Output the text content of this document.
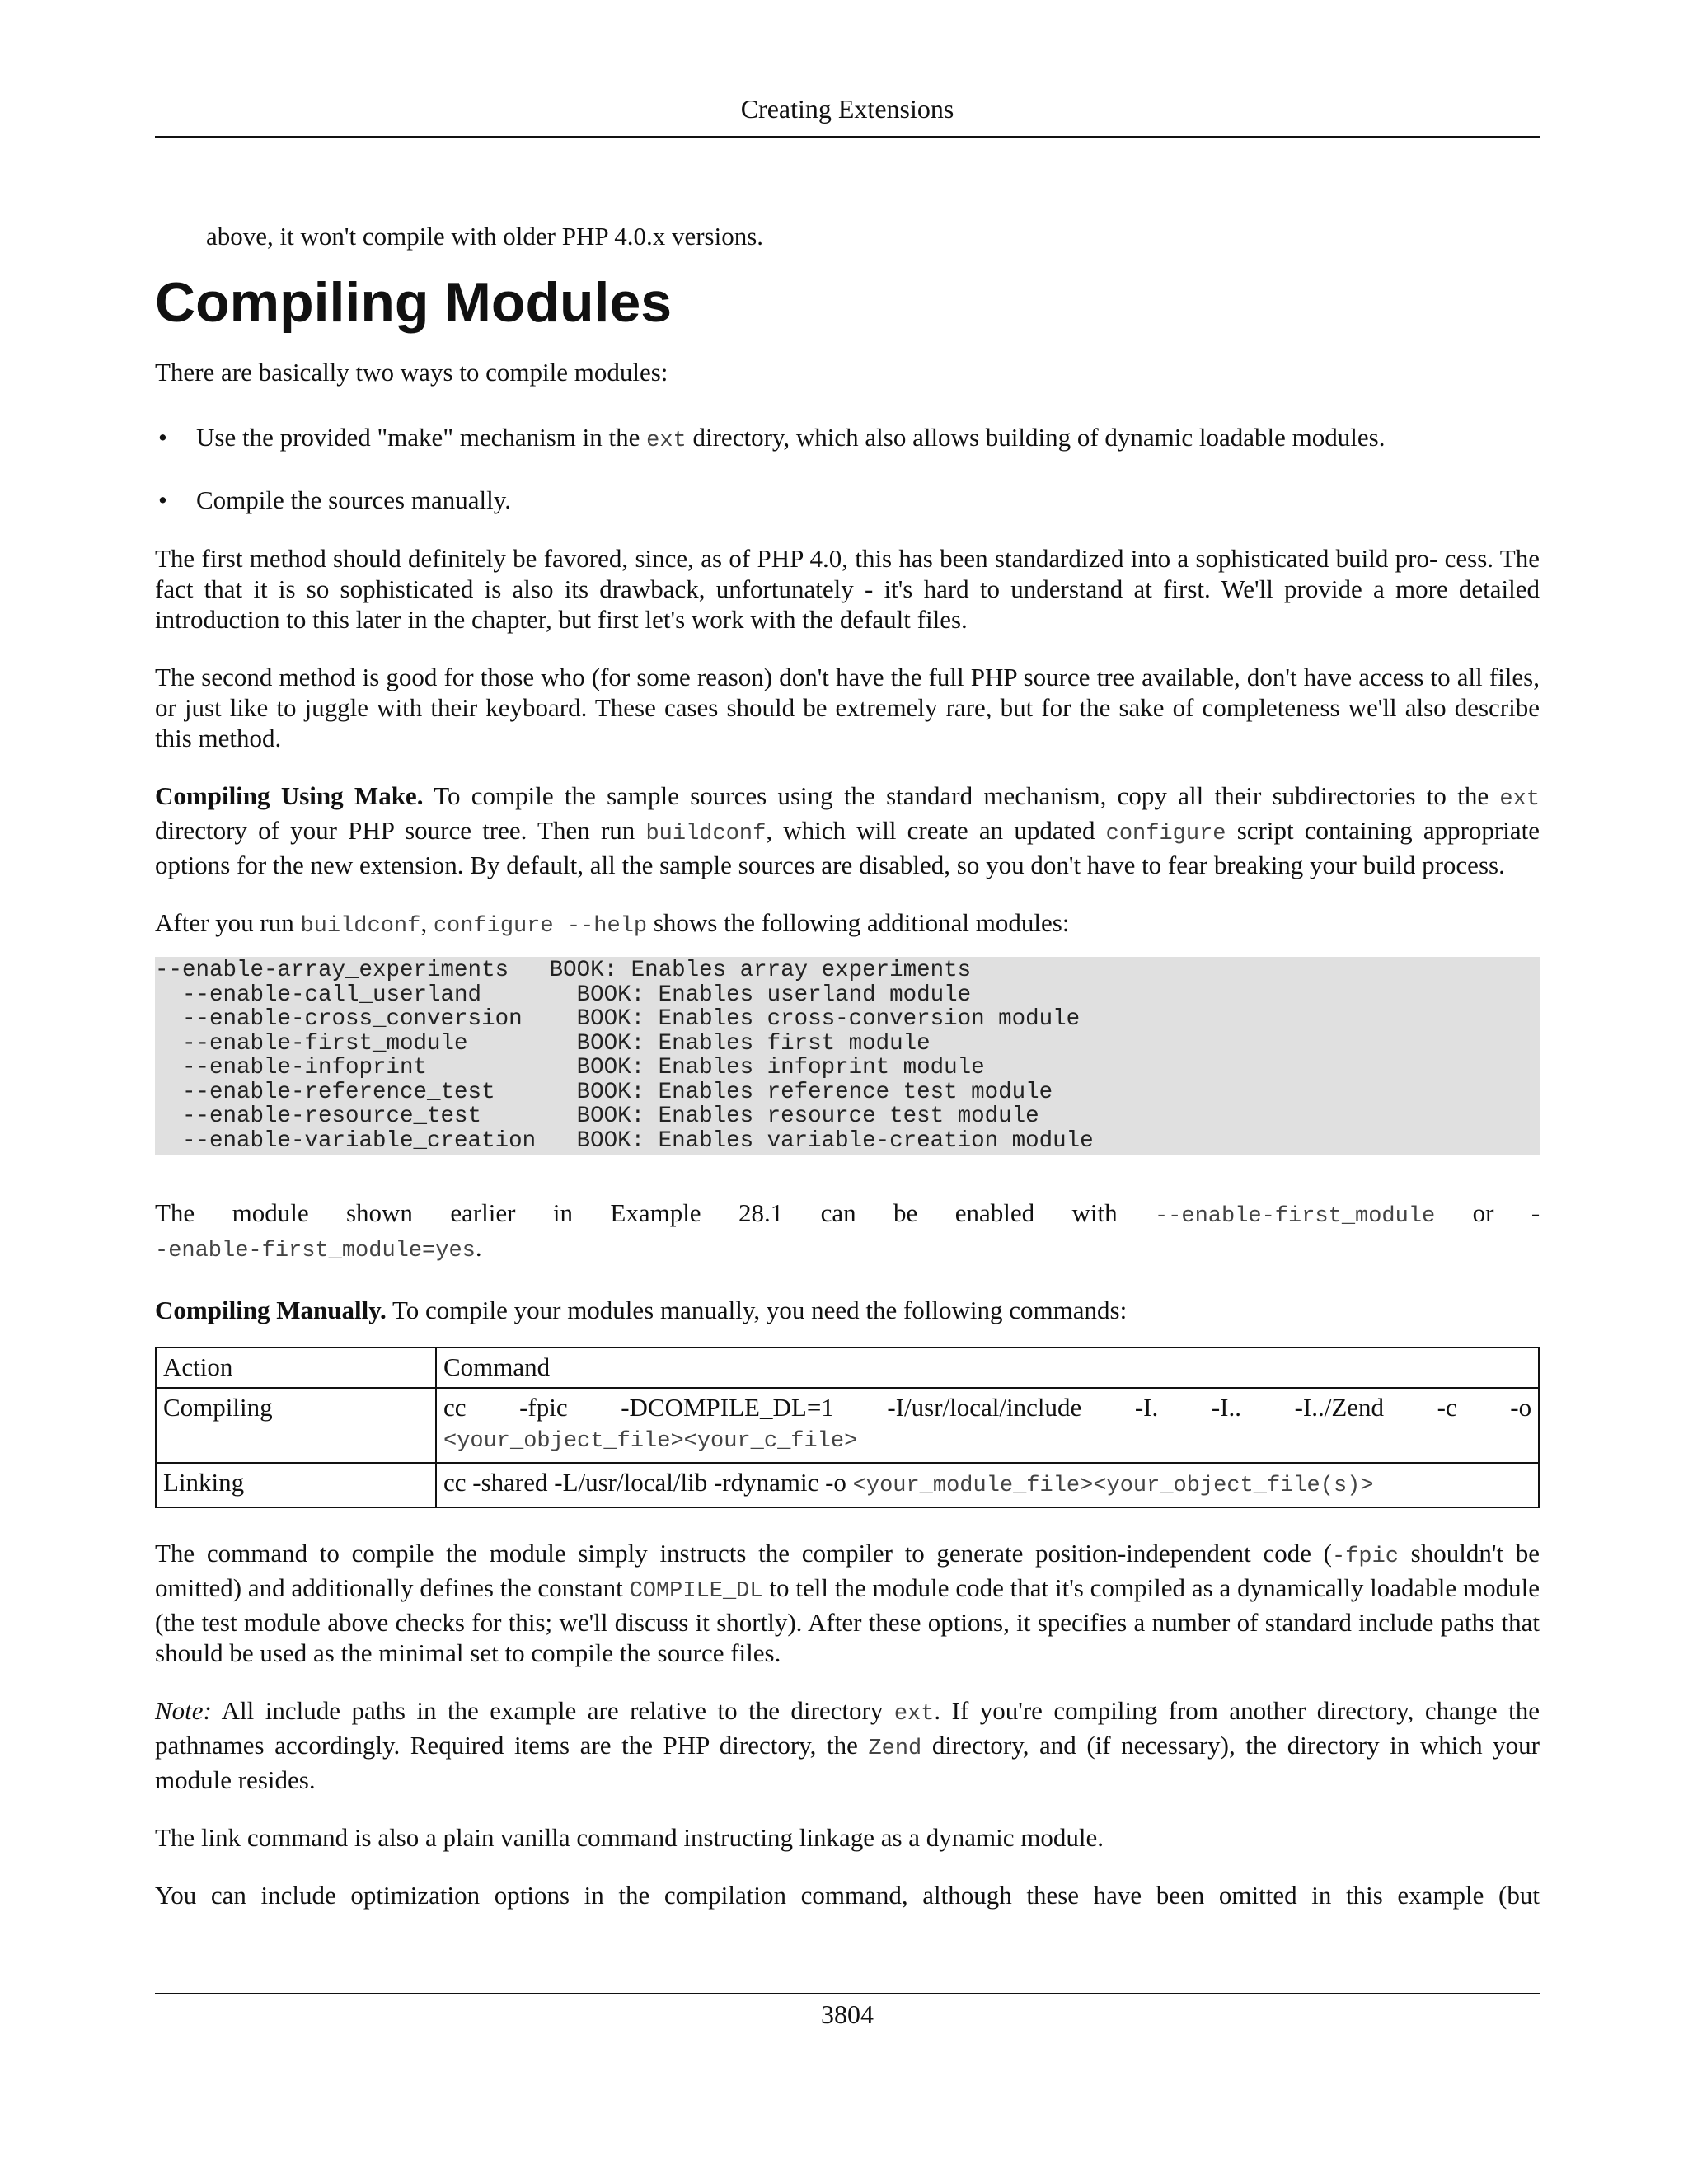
Creating Extensions

above, it won't compile with older PHP 4.0.x versions.

Compiling Modules

There are basically two ways to compile modules:

• Use the provided "make" mechanism in the ext directory, which also allows building of dynamic loadable modules.
• Compile the sources manually.

The first method should definitely be favored, since, as of PHP 4.0, this has been standardized into a sophisticated build pro- cess. The fact that it is so sophisticated is also its drawback, unfortunately - it's hard to understand at first. We'll provide a more detailed introduction to this later in the chapter, but first let's work with the default files.

The second method is good for those who (for some reason) don't have the full PHP source tree available, don't have access to all files, or just like to juggle with their keyboard. These cases should be extremely rare, but for the sake of completeness we'll also describe this method.

Compiling Using Make. To compile the sample sources using the standard mechanism, copy all their subdirectories to the ext directory of your PHP source tree. Then run buildconf, which will create an updated configure script containing appropriate options for the new extension. By default, all the sample sources are disabled, so you don't have to fear breaking your build process.

After you run buildconf, configure --help shows the following additional modules:

--enable-array_experiments   BOOK: Enables array experiments
--enable-call_userland       BOOK: Enables userland module
--enable-cross_conversion    BOOK: Enables cross-conversion module
--enable-first_module        BOOK: Enables first module
--enable-infoprint           BOOK: Enables infoprint module
--enable-reference_test      BOOK: Enables reference test module
--enable-resource_test       BOOK: Enables resource test module
--enable-variable_creation   BOOK: Enables variable-creation module

The module shown earlier in Example 28.1 can be enabled with --enable-first_module or -
-enable-first_module=yes.

Compiling Manually. To compile your modules manually, you need the following commands:

Action	Command
Compiling	cc -fpic -DCOMPILE_DL=1 -I/usr/local/include -I. -I.. -I../Zend -c -o
<your_object_file><your_c_file>
Linking	cc -shared -L/usr/local/lib -rdynamic -o <your_module_file><your_object_file(s)>

The command to compile the module simply instructs the compiler to generate position-independent code (-fpic shouldn't be omitted) and additionally defines the constant COMPILE_DL to tell the module code that it's compiled as a dynamically loadable module (the test module above checks for this; we'll discuss it shortly). After these options, it specifies a number of standard include paths that should be used as the minimal set to compile the source files.

Note: All include paths in the example are relative to the directory ext. If you're compiling from another directory, change the pathnames accordingly. Required items are the PHP directory, the Zend directory, and (if necessary), the directory in which your module resides.

The link command is also a plain vanilla command instructing linkage as a dynamic module.

You can include optimization options in the compilation command, although these have been omitted in this example (but

3804
